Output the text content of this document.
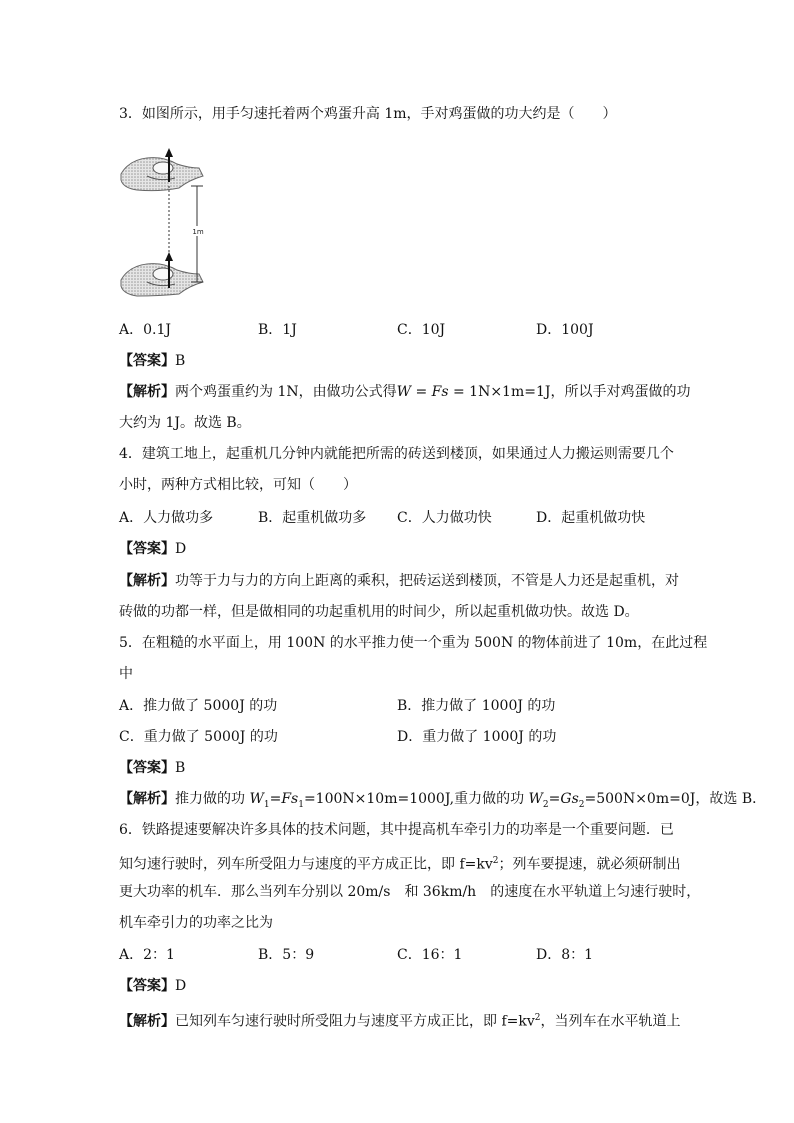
3．如图所示，用手匀速托着两个鸡蛋升高 1m，手对鸡蛋做的功大约是（　　）
1m
A．0.1J	B．1J	C．10J	D．100J
【答案】B
【解析】两个鸡蛋重约为 1N，由做功公式得W = Fs = 1N×1m=1J，所以手对鸡蛋做的功
大约为 1J。故选 B。
4．建筑工地上，起重机几分钟内就能把所需的砖送到楼顶，如果通过人力搬运则需要几个
小时，两种方式相比较，可知（　　）
A．人力做功多	B．起重机做功多 C．人力做功快	D．起重机做功快
【答案】D
【解析】功等于力与力的方向上距离的乘积，把砖运送到楼顶，不管是人力还是起重机，对
砖做的功都一样，但是做相同的功起重机用的时间少，所以起重机做功快。故选 D。
5．在粗糙的水平面上，用 100N 的水平推力使一个重为 500N 的物体前进了 10m，在此过程
中
A．推力做了 5000J 的功	B．推力做了 1000J 的功
C．重力做了 5000J 的功	D．重力做了 1000J 的功
【答案】B
【解析】推力做的功 $W_1=Fs_1=100N\times 10m=1000J$,重力做的功 $W_2=Gs_2=500N\times 0m=0J$，故选 B．
6．铁路提速要解决许多具体的技术问题，其中提高机车牵引力的功率是一个重要问题．已
知匀速行驶时，列车所受阻力与速度的平方成正比，即 $f=kv^2$；列车要提速，就必须研制出
更大功率的机车．那么当列车分别以 20m/s　和 36km/h　的速度在水平轨道上匀速行驶时，
机车牵引力的功率之比为
A．2：1	B．5：9	C．16：1	D．8：1
【答案】D
【解析】已知列车匀速行驶时所受阻力与速度平方成正比，即 $f=kv^2$，当列车在水平轨道上
